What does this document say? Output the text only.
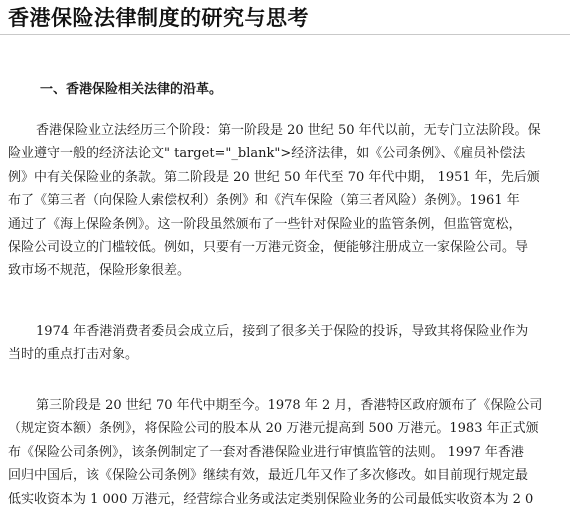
香港保险法律制度的研究与思考
一、香港保险相关法律的沿革。
香港保险业立法经历三个阶段：第一阶段是 20 世纪 50 年代以前，无专门立法阶段。保
险业遵守一般的经济法论文" target="_blank">经济法律，如《公司条例》、《雇员补偿法
例》中有关保险业的条款。第二阶段是 20 世纪 50 年代至 70 年代中期， 1951 年，先后颁
布了《第三者（向保险人索偿权利）条例》和《汽车保险（第三者风险）条例》。1961 年
通过了《海上保险条例》。这一阶段虽然颁布了一些针对保险业的监管条例，但监管宽松，
保险公司设立的门槛较低。例如，只要有一万港元资金，便能够注册成立一家保险公司。导
致市场不规范，保险形象很差。
1974 年香港消费者委员会成立后，接到了很多关于保险的投诉，导致其将保险业作为
当时的重点打击对象。
第三阶段是 20 世纪 70 年代中期至今。1978 年 2 月，香港特区政府颁布了《保险公司
（规定资本额）条例》，将保险公司的股本从 20 万港元提高到 500 万港元。1983 年正式颁
布《保险公司条例》，该条例制定了一套对香港保险业进行审慎监管的法则。 1997 年香港
回归中国后，该《保险公司条例》继续有效，最近几年又作了多次修改。如目前现行规定最
低实收资本为 1 000 万港元，经营综合业务或法定类别保险业务的公司最低实收资本为 2 0
